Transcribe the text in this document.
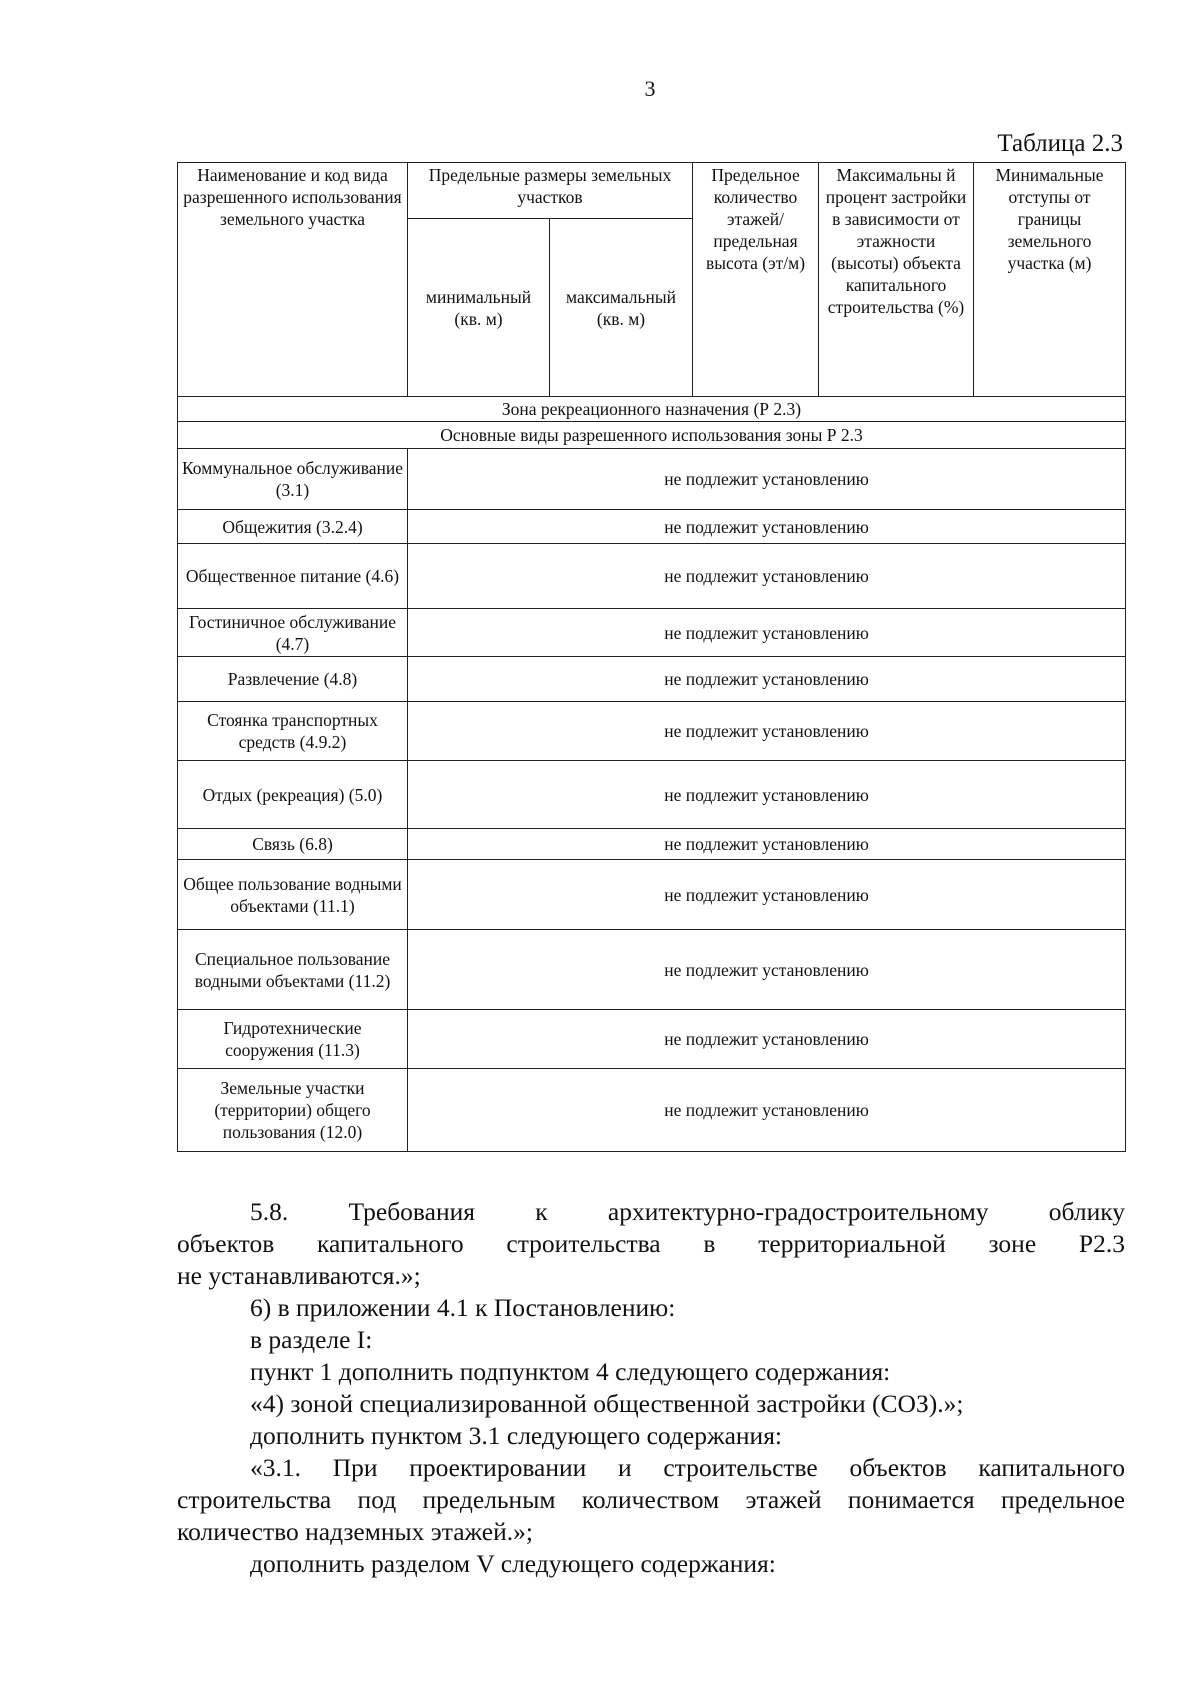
3
Таблица 2.3
Наименование и код вида разрешенного использования земельного участка	Предельные размеры земельных участков		Предельное количество этажей/ предельная высота (эт/м)	Максимальны й процент застройки в зависимости от этажности (высоты) объекта капитального строительства (%)	Минимальные отступы от границы земельного участка (м)
	минимальный (кв. м)	максимальный (кв. м)			
Зона рекреационного назначения (Р 2.3)					
Основные виды разрешенного использования зоны Р 2.3					
Коммунальное обслуживание (3.1)	не подлежит установлению				
Общежития (3.2.4)	не подлежит установлению				
Общественное питание (4.6)	не подлежит установлению				
Гостиничное обслуживание (4.7)	не подлежит установлению				
Развлечение (4.8)	не подлежит установлению				
Стоянка транспортных средств (4.9.2)	не подлежит установлению				
Отдых (рекреация) (5.0)	не подлежит установлению				
Связь (6.8)	не подлежит установлению				
Общее пользование водными объектами (11.1)	не подлежит установлению				
Специальное пользование водными объектами (11.2)	не подлежит установлению				
Гидротехнические сооружения (11.3)	не подлежит установлению				
Земельные участки (территории) общего пользования (12.0)	не подлежит установлению				

5.8. Требования к архитектурно-градостроительному облику

объектов капитального строительства в территориальной зоне Р2.3

не устанавливаются.»;

6) в приложении 4.1 к Постановлению:

в разделе I:

пункт 1 дополнить подпунктом 4 следующего содержания:

«4) зоной специализированной общественной застройки (СОЗ).»;

дополнить пунктом 3.1 следующего содержания:

«3.1. При проектировании и строительстве объектов капитального

строительства под предельным количеством этажей понимается предельное

количество надземных этажей.»;

дополнить разделом V следующего содержания:
